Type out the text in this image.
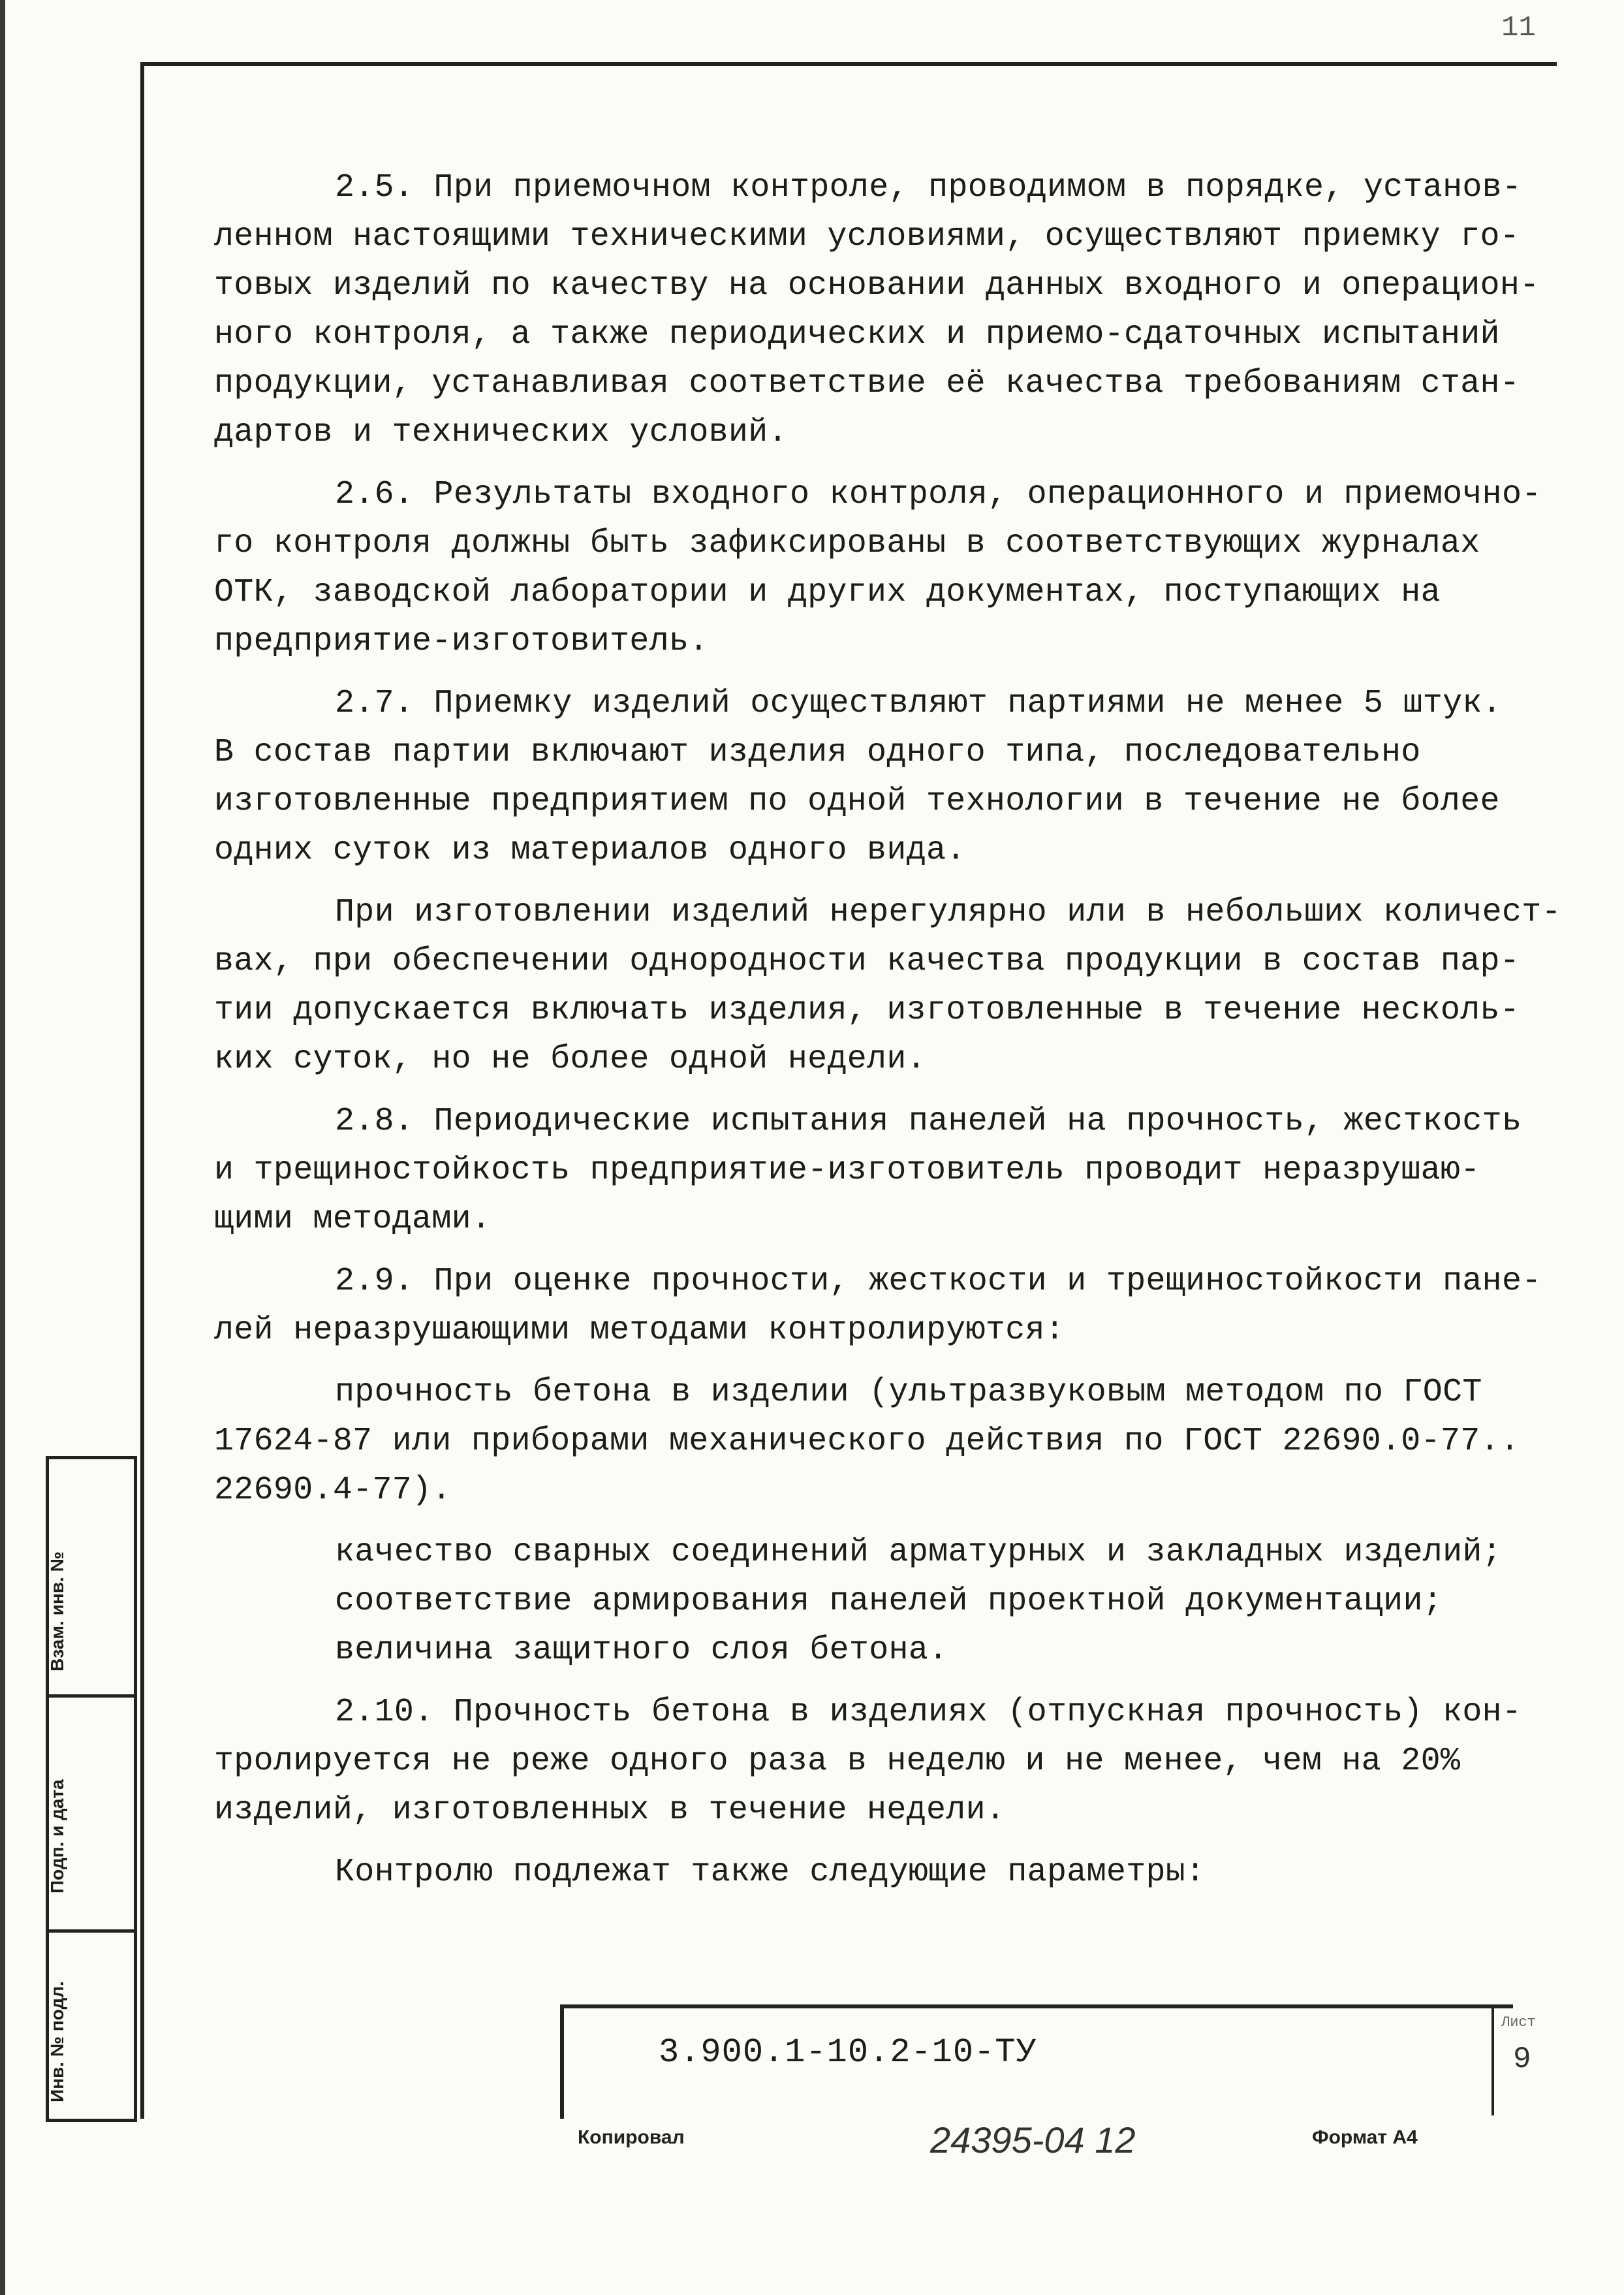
11
2.5. При приемочном контроле, проводимом в порядке, установ-
ленном настоящими техническими условиями, осуществляют приемку го-
товых изделий по качеству на основании данных входного и операцион-
ного контроля, а также периодических и приемо-сдаточных испытаний
продукции, устанавливая соответствие её качества требованиям стан-
дартов и технических условий.
2.6. Результаты входного контроля, операционного и приемочно-
го контроля должны быть зафиксированы в соответствующих журналах
ОТК, заводской лаборатории и других документах, поступающих на
предприятие-изготовитель.
2.7. Приемку изделий осуществляют партиями не менее 5 штук.
В состав партии включают изделия одного типа, последовательно
изготовленные предприятием по одной технологии в течение не более
одних суток из материалов одного вида.
При изготовлении изделий нерегулярно или в небольших количест-
вах, при обеспечении однородности качества продукции в состав пар-
тии допускается включать изделия, изготовленные в течение несколь-
ких суток, но не более одной недели.
2.8. Периодические испытания панелей на прочность, жесткость
и трещиностойкость предприятие-изготовитель проводит неразрушаю-
щими методами.
2.9. При оценке прочности, жесткости и трещиностойкости пане-
лей неразрушающими методами контролируются:
прочность бетона в изделии (ультразвуковым методом по ГОСТ
17624-87 или приборами механического действия по ГОСТ 22690.0-77..
22690.4-77).
качество сварных соединений арматурных и закладных изделий;
соответствие армирования панелей проектной документации;
величина защитного слоя бетона.
2.10. Прочность бетона в изделиях (отпускная прочность) кон-
тролируется не реже одного раза в неделю и не менее, чем на 20%
изделий, изготовленных в течение недели.
Контролю подлежат также следующие параметры:
Взам. инв. №
Подп. и дата
Инв. № подл.	3.900.1-10.2-10-ТУ
Лист
9
Копировал	24395-04 12	Формат А4
